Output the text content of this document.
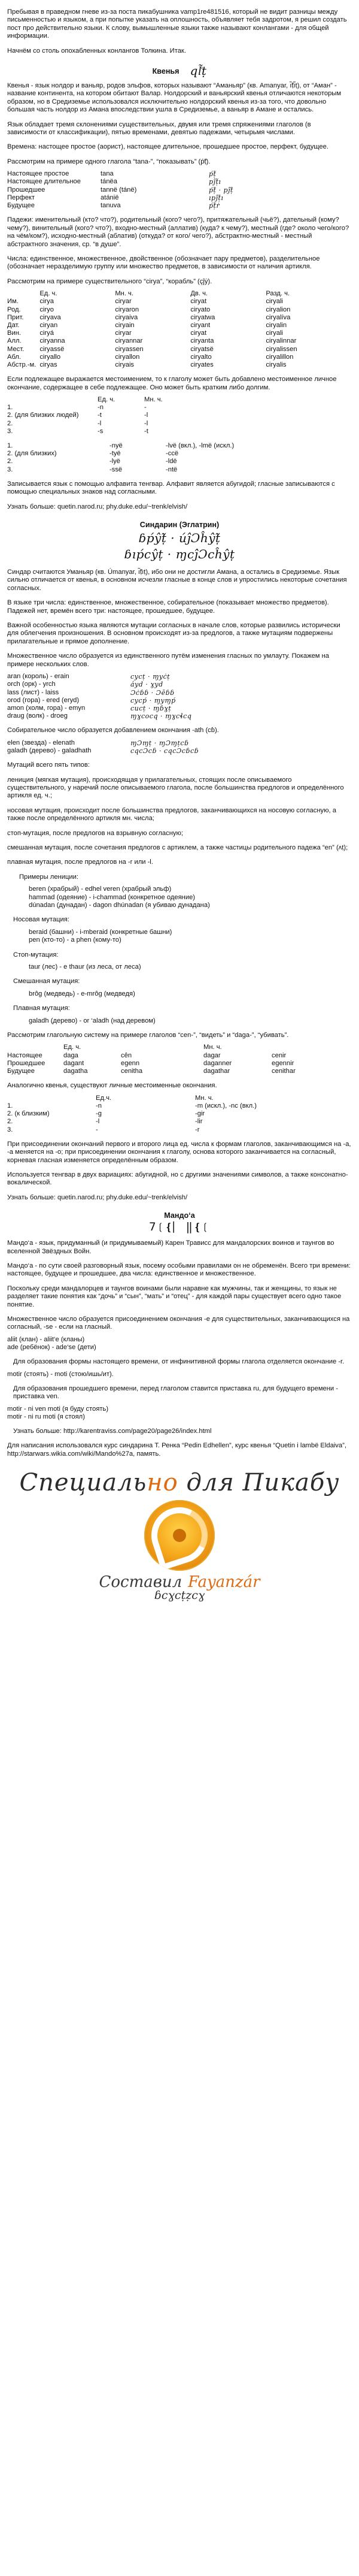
Пребывая в праведном гневе из-за поста пикабушника vamp1re481516, который не видит разницы между письменностью и языком, а при попытке указать на оплошность, объявляет тебя задротом, я решил создать пост про действительно языки. К слову, вымышленные языки также называют конлангами - для общей информации.

Начнём со столь опохабленных конлангов Толкина. Итак.

Квенья ql̃͗ṭ

Квенья - язык нолдор и ваньяр, родов эльфов, которых называют “Аманьяр” (кв. Amanyar, ı̃ṭ̃ı̃ṭ), от “Аман” - название континента, на котором обитают Валар. Нолдорский и ваньярский квенья отличаются некоторым образом, но в Средиземье использовался исключительно нолдорский квенья из-за того, что довольно большая часть нолдор из Амана впоследствии ушла в Средиземье, а ваньяр в Амане и остались.

Язык обладает тремя склонениями существительных, двумя или тремя спряжениями глаголов (в зависимости от классификации), пятью временами, девятью падежами, четырьмя числами.

Времена: настощее простое (аорист), настоящее длительное, прошедшее простое, перфект, будущее.

Рассмотрим на примере одного глагола “tana-”, “показывать” (ṕṭ̃).

Настоящее простое	tana	ṕṭ̃
Настоящее длительное	tánëa	pĵṭ̃ı
Прошедшее	tannë (tánë)	ṕṭ̃ · pĵṭ̃
Перфект	atánië	ıpĵṭ̃ı
Будущее	tanuva	ṕṭ̃ṙ

Падежи: именительный (кто? что?), родительный (кого? чего?), притяжательный (чьё?), дательный (кому? чему?), винительный (кого? что?), входно-местный (аллатив) (куда? к чему?), местный (где? около чего/кого? на чём/ком?), исходно-местный (аблатив) (откуда? от кого/ чего?), абстрактно-местный - местный абстрактного значения, ср. “в душе”.

Числа: единственное, множественное, двойственное (обозначает пару предметов), разделительное (обозначает неразделимую группу или множество предметов, в зависимости от наличия артикля.

Рассмотрим на примере существительного “cirya”, “корабль” (çĵẏ).

	Ед. ч.	Мн. ч.	Дв. ч.	Разд. ч.
Им.	cirya	ciryar	ciryat	ciryali
Род.	ciryo	ciryaron	ciryato	ciryalion
Прит.	ciryava	ciryaiva	ciryatwa	ciryalíva
Дат.	ciryan	ciryain	ciryant	ciryalin
Вин.	ciryá	ciryar	ciryat	ciryali
Алл.	ciryanna	ciryannar	ciryanta	ciryalinnar
Мест.	ciryassë	ciryassen	ciryatsë	ciryalissen
Абл.	ciryallo	ciryallon	ciryalto	ciryalillon
Абстр.-м.	ciryas	ciryais	ciryates	ciryalis

Если подлежащее выражается местоимением, то к глаголу может быть добавлено местоименное личное окончание, содержащее в себе подлежащее. Оно может быть кратким либо долгим.

	Ед. ч.	Мн. ч.
1.	-n	-
2. (для близких людей)	-t	-l
2.	-l	-l
3.	-s	-t
1.	-nyë	-lvë (вкл.), -lmë (искл.)
2. (для близких)	-tyë	-ccë
2.	-lyë	-ldë
3.	-ssë	-ntë

Записывается язык с помощью алфавита тенгвар. Алфавит является абугидой; гласные записываются с помощью специальных знаков над согласными.

Узнать больше: quetin.narod.ru; phy.duke.edu/~trenk/elvish/

Синдарин (Эглатрин)
ɓṕŷṭ̃ · úĵƆĥŷṭ̃
ɓıṕcŷṭ · ɱcĵƆcĥŷṭ

Синдар считаются Уманьяр (кв. Úmanyar, ı̃ṭ̃ıṭ), ибо они не достигли Амана, а остались в Средиземье. Язык сильно отличается от квенья, в основном исчезли гласные в конце слов и упростились некоторые сочетания согласных.

В языке три числа: единственное, множественное, собирательное (показывает множество предметов). Падежей нет, времён всего три: настоящее, прошедшее, будущее.

Важной особенностью языка являются мутации согласных в начале слов, которые развились исторически для облегчения произношения. В основном происходят из-за предлогов, а также мутациям подвержены прилагательные и прямое дополнение.

Множественное число образуется из единственного путём изменения гласных по умлауту. Покажем на примере нескольких слов.

aran (король) - erain	cycṭ · ɱyċṭ
orch (орк) - yrch	áyd · ɣyd
lass (лист) - laiss	Ɔċɓɓ · Ɔēɓɓ
orod (гора) - ered (eryd)	cycṕ · ɱyɱṕ
amon (холм, гора) - emyn	cucṭ · ɱɓɣṭ
draug (волк) - droeg	ɱɣcocq · ɱɣcɬcq

Собирательное число образуется добавлением окончания -ath (cɓ).

elen (звезда) - elenath	ɱƆɱṭ · ɱƆɱṭcɓ
galadh (дерево) - galadhath	cqcƆcɓ · cqcƆcɓcɓ

Мутаций всего пять типов:

лениция (мягкая мутация), происходящая у прилагательных, стоящих после описываемого существительного, у наречий после описываемого глагола, после большинства предлогов и определённого артикля ед. ч.;

носовая мутация, происходит после большинства предлогов, заканчивающихся на носовую согласную, а также после определённого артикля мн. числа;

стоп-мутация, после предлогов на взрывную согласную;

смешанная мутация, после сочетания предлогов с артиклем, а также частицы родительного падежа “en” (ʌṭ);

плавная мутация, после предлогов на -r или -l.

Примеры лениции:

beren (храбрый) - edhel veren (храбрый эльф)

hammad (одеяние) - i-chammad (конкретное одеяние)

dúnadan (дунадан) - dagon dhúnadan (я убиваю дунадана)

Носовая мутация:

beraid (башни) - i-mberaid (конкретные башни)

pen (кто-то) - a phen (кому-то)

Стоп-мутация:

taur (лес) - e thaur (из леса, от леса)

Смешанная мутация:

brôg (медведь) - e-mrôg (медведя)

Плавная мутация:

galadh (дерево) - or ‘aladh (над деревом)

Рассмотрим глагольную систему на примере глаголов “cen-”, “видеть” и “daga-”, “убивать”.

	Ед. ч.		Мн. ч.	
Настоящее	daga	cên	dagar	cenir
Прошедшее	dagant	egenn	daganner	egennir
Будущее	dagatha	cenitha	dagathar	cenithar

Аналогично квенья, существуют личные местоименные окончания.

	Ед.ч.	Мн. ч.
1.	-n	-m (искл.), -nc (вкл.)
2. (к близким)	-g	-gir
2.	-l	-lir
3.	-	-r

При присоединении окончаний первого и второго лица ед. числа к формам глаголов, заканчивающимся на -a, -a меняется на -o; при присоединении окончания к глаголу, основа которого заканчивается на согласный, корневая гласная изменяется определённым образом.

Используется тенгвар в двух вариациях: абугидной, но с другими значениями символов, а также консонатно-вокалической.

Узнать больше: quetin.narod.ru; phy.duke.edu/~trenk/elvish/

Мандо‘а
7❲❴⎸‖❴❲

Мандо‘а - язык, придуманный (и придумываемый) Карен Трависс для мандалорских воинов и таунгов во вселенной Звёздных Войн.

Мандо‘а - по сути своей разговорный язык, посему особыми правилами он не обременён. Всего три времени: настоящее, будущее и прошедшее, два числа: единственное и множественное.

Поскольку среди мандалорцев и таунгов воинами были наравне как мужчины, так и женщины, то язык не разделяет такие понятия как “дочь” и “сын”, “мать” и “отец” - для каждой пары существует всего одно такое понятие.

Множественное число образуется присоединением окончания -e для существительных, заканчивающихся на согласный, -se - если на гласный.

aliit (клан) - aliit‘e (кланы)
ade (ребёнок) - ade‘se (дети)

Для образования формы настоящего времени, от инфинитивной формы глагола отделяется окончание -r.

motir (стоять) - moti (стою/ишь/ит).

Для образования прошедшего времени, перед глаголом ставится приставка ru, для будущего времени - приставка ven.

motir - ni ven moti (я буду стоять)
motir - ni ru moti (я стоял)

Узнать больше: http://karentraviss.com/page20/page26/index.html

Для написания использовался курс синдарина Т. Ренка “Pedin Edhellen”, курс квенья “Quetin i lambë Eldaiva”, http://starwars.wikia.com/wiki/Mando%27a, память.

Специально для Пикабу
Составил Fayanzár
ɓcɣcṭẓcɣ
